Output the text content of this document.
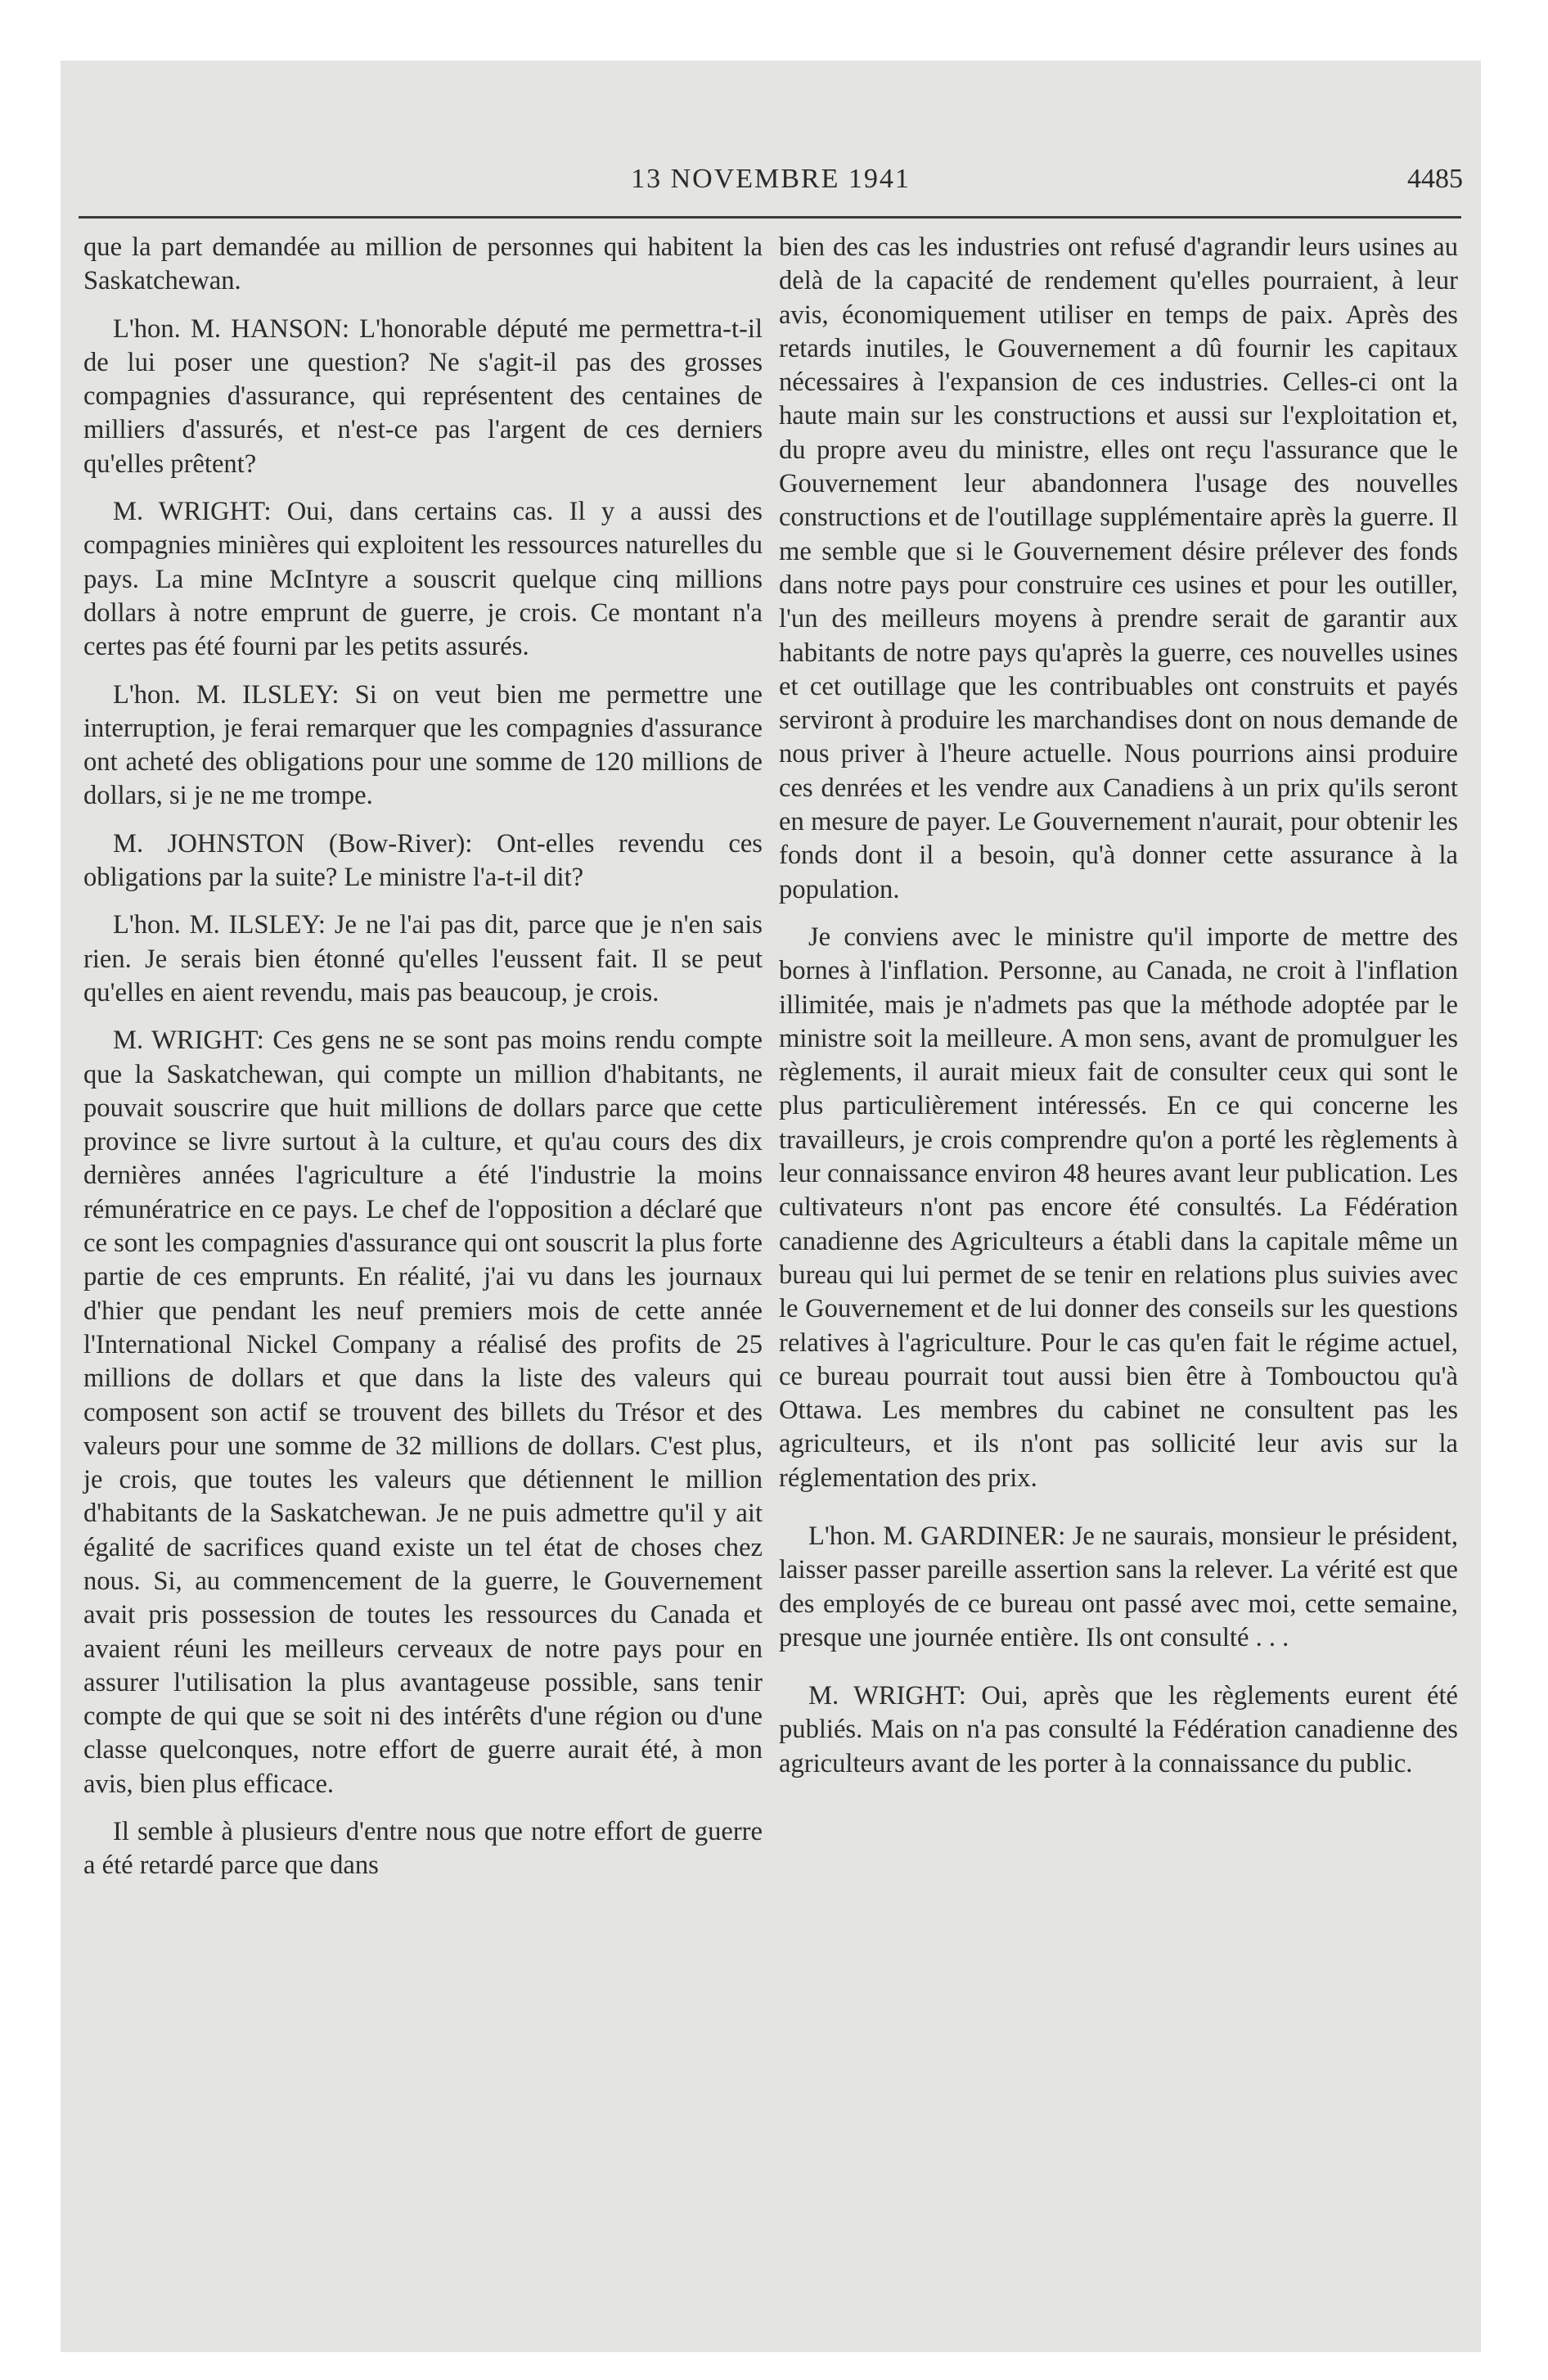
13 NOVEMBRE 1941	4485

que la part demandée au million de personnes qui habitent la Saskatchewan.

L'hon. M. HANSON: L'honorable député me permettra-t-il de lui poser une question? Ne s'agit-il pas des grosses compagnies d'assurance, qui représentent des centaines de milliers d'assurés, et n'est-ce pas l'argent de ces derniers qu'elles prêtent?

M. WRIGHT: Oui, dans certains cas. Il y a aussi des compagnies minières qui exploitent les ressources naturelles du pays. La mine McIntyre a souscrit quelque cinq millions dollars à notre emprunt de guerre, je crois. Ce montant n'a certes pas été fourni par les petits assurés.

L'hon. M. ILSLEY: Si on veut bien me permettre une interruption, je ferai remarquer que les compagnies d'assurance ont acheté des obligations pour une somme de 120 millions de dollars, si je ne me trompe.

M. JOHNSTON (Bow-River): Ont-elles revendu ces obligations par la suite? Le ministre l'a-t-il dit?

L'hon. M. ILSLEY: Je ne l'ai pas dit, parce que je n'en sais rien. Je serais bien étonné qu'elles l'eussent fait. Il se peut qu'elles en aient revendu, mais pas beaucoup, je crois.

M. WRIGHT: Ces gens ne se sont pas moins rendu compte que la Saskatchewan, qui compte un million d'habitants, ne pouvait souscrire que huit millions de dollars parce que cette province se livre surtout à la culture, et qu'au cours des dix dernières années l'agriculture a été l'industrie la moins rémunératrice en ce pays. Le chef de l'opposition a déclaré que ce sont les compagnies d'assurance qui ont souscrit la plus forte partie de ces emprunts. En réalité, j'ai vu dans les journaux d'hier que pendant les neuf premiers mois de cette année l'International Nickel Company a réalisé des profits de 25 millions de dollars et que dans la liste des valeurs qui composent son actif se trouvent des billets du Trésor et des valeurs pour une somme de 32 millions de dollars. C'est plus, je crois, que toutes les valeurs que détiennent le million d'habitants de la Saskatchewan. Je ne puis admettre qu'il y ait égalité de sacrifices quand existe un tel état de choses chez nous. Si, au commencement de la guerre, le Gouvernement avait pris possession de toutes les ressources du Canada et avaient réuni les meilleurs cerveaux de notre pays pour en assurer l'utilisation la plus avantageuse possible, sans tenir compte de qui que se soit ni des intérêts d'une région ou d'une classe quelconques, notre effort de guerre aurait été, à mon avis, bien plus efficace.

Il semble à plusieurs d'entre nous que notre effort de guerre a été retardé parce que dans

bien des cas les industries ont refusé d'agrandir leurs usines au delà de la capacité de rendement qu'elles pourraient, à leur avis, économiquement utiliser en temps de paix. Après des retards inutiles, le Gouvernement a dû fournir les capitaux nécessaires à l'expansion de ces industries. Celles-ci ont la haute main sur les constructions et aussi sur l'exploitation et, du propre aveu du ministre, elles ont reçu l'assurance que le Gouvernement leur abandonnera l'usage des nouvelles constructions et de l'outillage supplémentaire après la guerre. Il me semble que si le Gouvernement désire prélever des fonds dans notre pays pour construire ces usines et pour les outiller, l'un des meilleurs moyens à prendre serait de garantir aux habitants de notre pays qu'après la guerre, ces nouvelles usines et cet outillage que les contribuables ont construits et payés serviront à produire les marchandises dont on nous demande de nous priver à l'heure actuelle. Nous pourrions ainsi produire ces denrées et les vendre aux Canadiens à un prix qu'ils seront en mesure de payer. Le Gouvernement n'aurait, pour obtenir les fonds dont il a besoin, qu'à donner cette assurance à la population.

Je conviens avec le ministre qu'il importe de mettre des bornes à l'inflation. Personne, au Canada, ne croit à l'inflation illimitée, mais je n'admets pas que la méthode adoptée par le ministre soit la meilleure. A mon sens, avant de promulguer les règlements, il aurait mieux fait de consulter ceux qui sont le plus particulièrement intéressés. En ce qui concerne les travailleurs, je crois comprendre qu'on a porté les règlements à leur connaissance environ 48 heures avant leur publication. Les cultivateurs n'ont pas encore été consultés. La Fédération canadienne des Agriculteurs a établi dans la capitale même un bureau qui lui permet de se tenir en relations plus suivies avec le Gouvernement et de lui donner des conseils sur les questions relatives à l'agriculture. Pour le cas qu'en fait le régime actuel, ce bureau pourrait tout aussi bien être à Tombouctou qu'à Ottawa. Les membres du cabinet ne consultent pas les agriculteurs, et ils n'ont pas sollicité leur avis sur la réglementation des prix.

L'hon. M. GARDINER: Je ne saurais, monsieur le président, laisser passer pareille assertion sans la relever. La vérité est que des employés de ce bureau ont passé avec moi, cette semaine, presque une journée entière. Ils ont consulté . . .

M. WRIGHT: Oui, après que les règlements eurent été publiés. Mais on n'a pas consulté la Fédération canadienne des agriculteurs avant de les porter à la connaissance du public.
